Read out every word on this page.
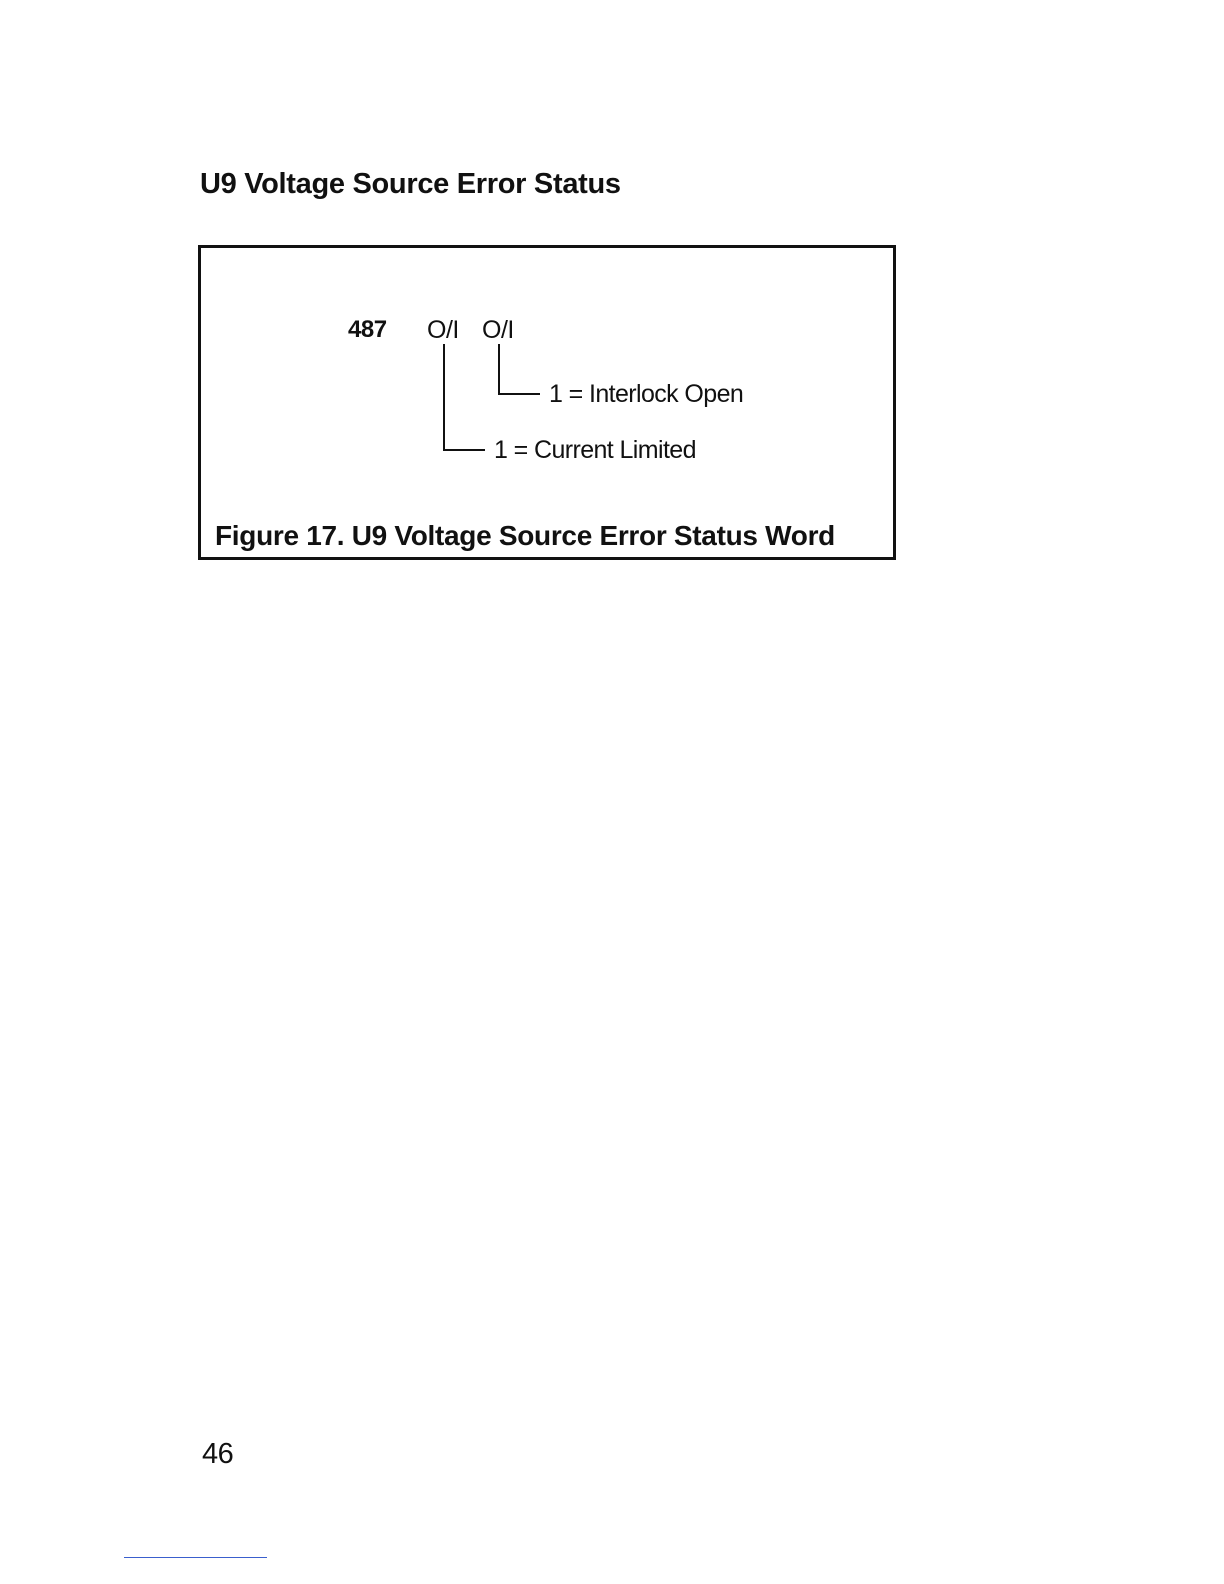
U9 Voltage Source Error Status
487 O/I O/I
1 = Interlock Open
1 = Current Limited
Figure 17. U9 Voltage Source Error Status Word
46
